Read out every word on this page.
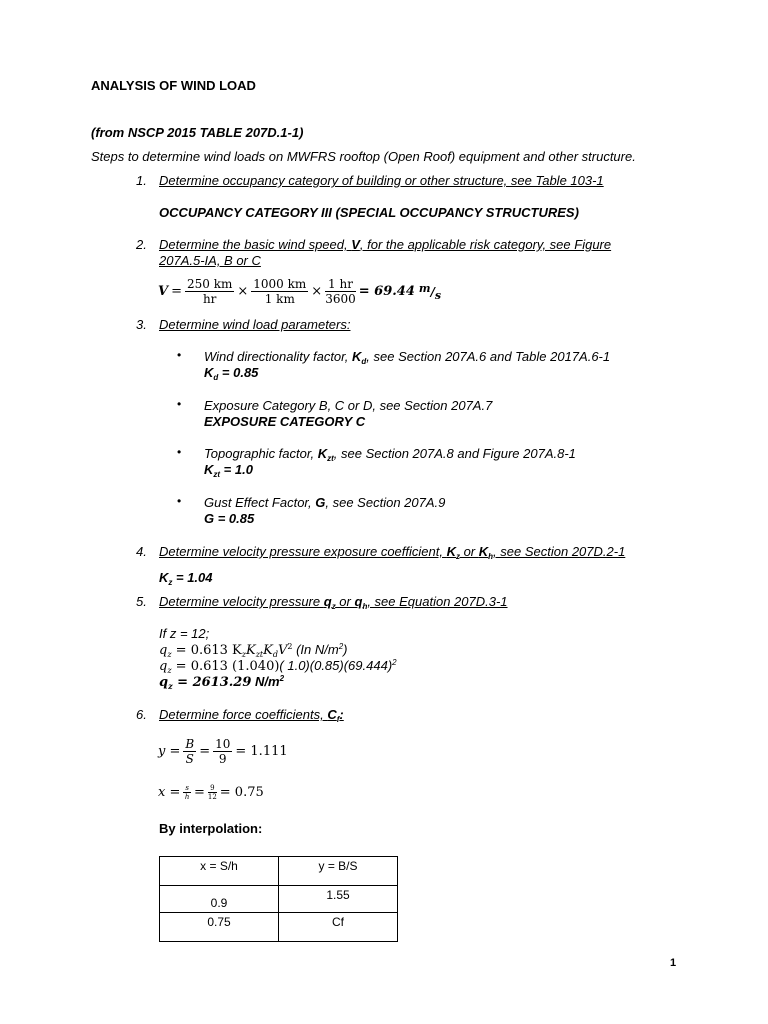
ANALYSIS OF WIND LOAD
(from NSCP 2015 TABLE 207D.1-1)
Steps to determine wind loads on MWFRS rooftop (Open Roof) equipment and other structure.
1. Determine occupancy category of building or other structure, see Table 103-1
OCCUPANCY CATEGORY III (SPECIAL OCCUPANCY STRUCTURES)
2. Determine the basic wind speed, V, for the applicable risk category, see Figure
207A.5-IA, B or C
$V = \frac{250 km}{hr} \times \frac{1000 km}{1 km} \times \frac{1 hr}{3600} = 69.44$ $^m/_s$
3. Determine wind load parameters:
• Wind directionality factor, $K_d$, see Section 207A.6 and Table 2017A.6-1
$K_d = 0.85$
• Exposure Category B, C or D, see Section 207A.7
EXPOSURE CATEGORY C
• Topographic factor, $K_{zt}$, see Section 207A.8 and Figure 207A.8-1
$K_{zt} = 1.0$
• Gust Effect Factor, G, see Section 207A.9
G = 0.85
4. Determine velocity pressure exposure coefficient, $K_z$ or $K_h$, see Section 207D.2-1
$K_z = 1.04$
5. Determine velocity pressure $q_z$ or $q_h$, see Equation 207D.3-1
If z = 12;
$q_z = 0.613$ $K_zK_{zt}K_dV^2$ (In $N/m^2$)
$q_z = 0.613$ (1.040)( $1.0)(0.85)(69.444)^2$
$q_z = 2613.29$ $N/m^2$
6. Determine force coefficients, $C_f$:
$y = \frac{B}{S} = \frac{10}{9} = 1.111$
$x = \frac{s}{h} = \frac{9}{12} = 0.75$
By interpolation:
x = S/h	y = B/S
0.9	1.55
0.75	Cf
1
